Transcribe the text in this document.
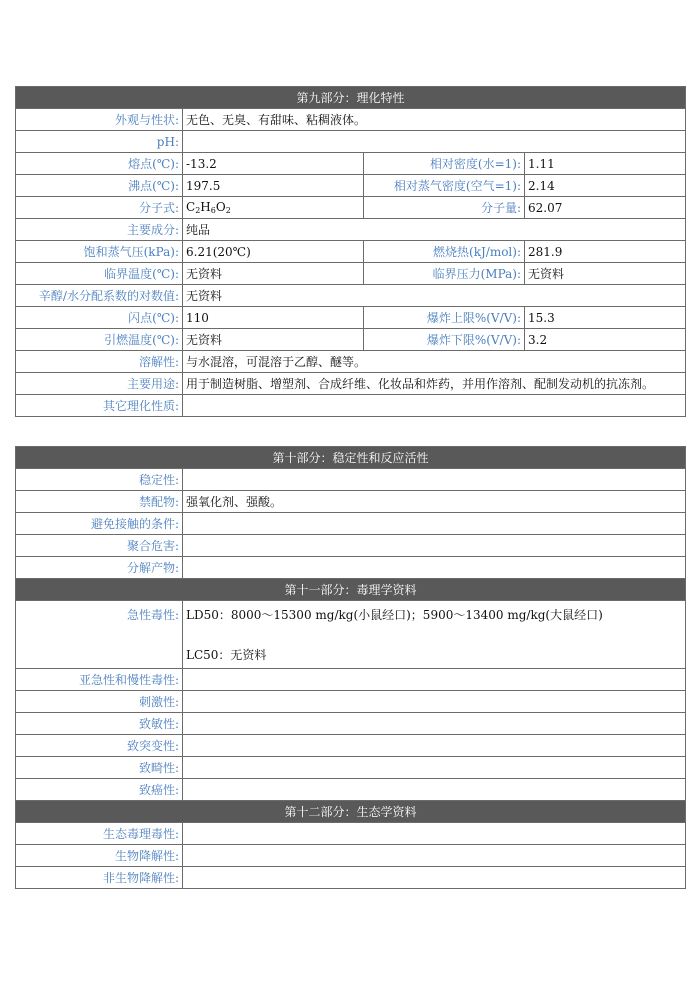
第九部分：理化特性			
外观与性状:	无色、无臭、有甜味、粘稠液体。		
pH:			
熔点(℃):	-13.2	相对密度(水=1):	1.11
沸点(℃):	197.5	相对蒸气密度(空气=1):	2.14
分子式:	$C_2H_6O_2$	分子量:	62.07
主要成分:	纯品		
饱和蒸气压(kPa):	6.21(20℃)	燃烧热(kJ/mol):	281.9
临界温度(℃):	无资料	临界压力(MPa):	无资料
辛醇/水分配系数的对数值:	无资料		
闪点(℃):	110	爆炸上限%(V/V):	15.3
引燃温度(℃):	无资料	爆炸下限%(V/V):	3.2
溶解性:	与水混溶，可混溶于乙醇、醚等。		
主要用途:	用于制造树脂、增塑剂、合成纤维、化妆品和炸药，并用作溶剂、配制发动机的抗冻剂。		
其它理化性质:			
第十部分：稳定性和反应活性	
稳定性:	
禁配物:	强氧化剂、强酸。
避免接触的条件:	
聚合危害:	
分解产物:	
第十一部分：毒理学资料	
急性毒性:	LD50：8000～15300 mg/kg(小鼠经口)；5900～13400 mg/kg(大鼠经口)
LC50：无资料

亚急性和慢性毒性:	
刺激性:	
致敏性:	
致突变性:	
致畸性:	
致癌性:	
第十二部分：生态学资料	
生态毒理毒性:	
生物降解性:	
非生物降解性:	
